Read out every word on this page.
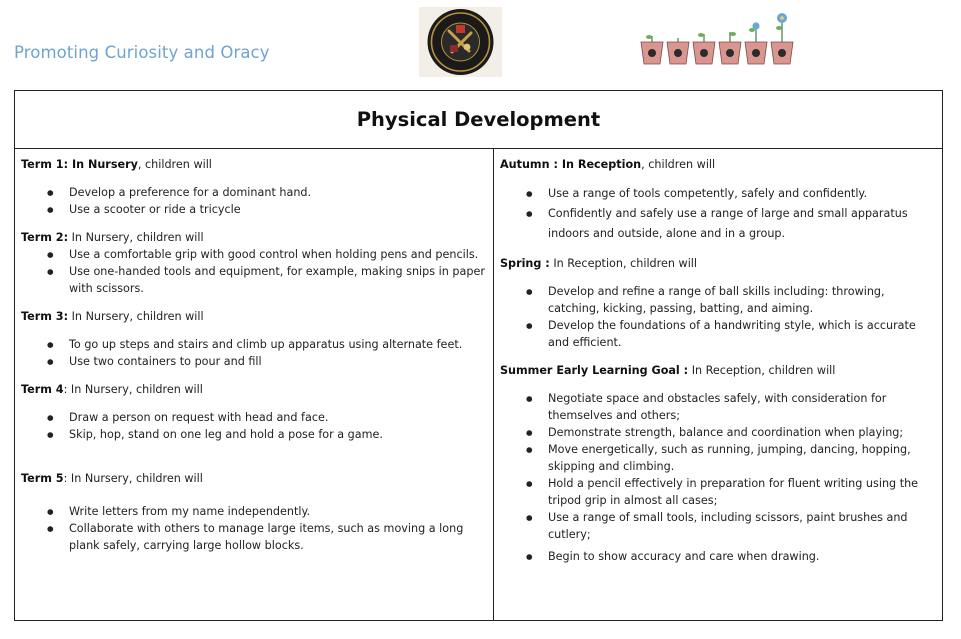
Promoting Curiosity and Oracy
Physical Development

Term 1: In Nursery, children will

● Develop a preference for a dominant hand.
● Use a scooter or ride a tricycle

Term 2: In Nursery, children will

● Use a comfortable grip with good control when holding pens and pencils.
● Use one-handed tools and equipment, for example, making snips in paper with scissors.

Term 3: In Nursery, children will

● To go up steps and stairs and climb up apparatus using alternate feet.
● Use two containers to pour and fill

Term 4: In Nursery, children will

● Draw a person on request with head and face.
● Skip, hop, stand on one leg and hold a pose for a game.

Term 5: In Nursery, children will

● Write letters from my name independently.
● Collaborate with others to manage large items, such as moving a long plank safely, carrying large hollow blocks.

Autumn : In Reception, children will

● Use a range of tools competently, safely and confidently.
● Confidently and safely use a range of large and small apparatus indoors and outside, alone and in a group.

Spring : In Reception, children will

● Develop and refine a range of ball skills including: throwing, catching, kicking, passing, batting, and aiming.
● Develop the foundations of a handwriting style, which is accurate and efficient.

Summer Early Learning Goal : In Reception, children will

● Negotiate space and obstacles safely, with consideration for themselves and others;
● Demonstrate strength, balance and coordination when playing;
● Move energetically, such as running, jumping, dancing, hopping, skipping and climbing.
● Hold a pencil effectively in preparation for fluent writing using the tripod grip in almost all cases;
● Use a range of small tools, including scissors, paint brushes and cutlery;
● Begin to show accuracy and care when drawing.
